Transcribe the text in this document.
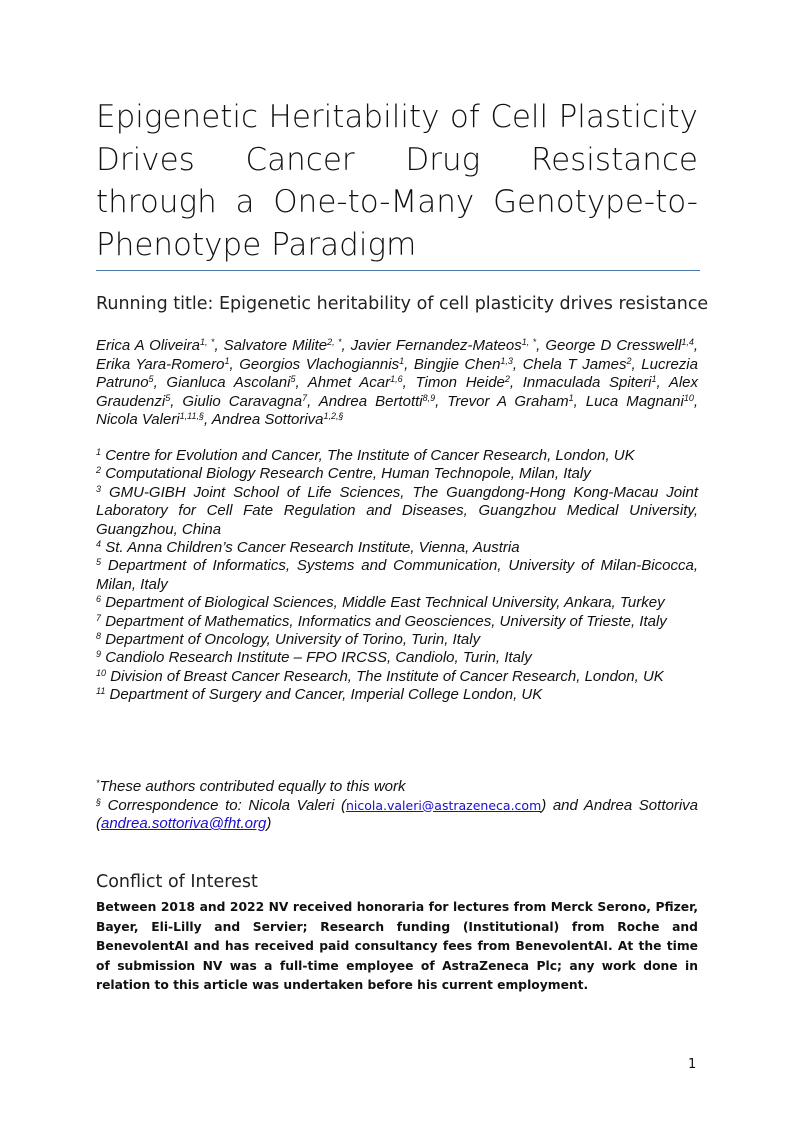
Epigenetic Heritability of Cell Plasticity Drives Cancer Drug Resistance through a One-to-Many Genotype-to-Phenotype Paradigm
Running title: Epigenetic heritability of cell plasticity drives resistance
Erica A Oliveira$^{1, *}$, Salvatore Milite$^{2, *}$, Javier Fernandez-Mateos$^{1, *}$, George D Cresswell$^{1,4}$, Erika Yara-Romero$^1$, Georgios Vlachogiannis$^1$, Bingjie Chen$^{1,3}$, Chela T James$^2$, Lucrezia Patruno$^5$, Gianluca Ascolani$^5$, Ahmet Acar$^{1,6}$, Timon Heide$^2$, Inmaculada Spiteri$^1$, Alex Graudenzi$^5$, Giulio Caravagna$^7$, Andrea Bertotti$^{8,9}$, Trevor A Graham$^1$, Luca Magnani$^{10}$, Nicola Valeri$^{1,11,\S}$, Andrea Sottoriva$^{1,2,\S}$
$^1$ Centre for Evolution and Cancer, The Institute of Cancer Research, London, UK
$^2$ Computational Biology Research Centre, Human Technopole, Milan, Italy
$^3$ GMU-GIBH Joint School of Life Sciences, The Guangdong-Hong Kong-Macau Joint Laboratory for Cell Fate Regulation and Diseases, Guangzhou Medical University, Guangzhou, China
$^4$ St. Anna Children’s Cancer Research Institute, Vienna, Austria
$^5$ Department of Informatics, Systems and Communication, University of Milan-Bicocca, Milan, Italy
$^6$ Department of Biological Sciences, Middle East Technical University, Ankara, Turkey
$^7$ Department of Mathematics, Informatics and Geosciences, University of Trieste, Italy
$^8$ Department of Oncology, University of Torino, Turin, Italy
$^9$ Candiolo Research Institute – FPO IRCSS, Candiolo, Turin, Italy
$^{10}$ Division of Breast Cancer Research, The Institute of Cancer Research, London, UK
$^{11}$ Department of Surgery and Cancer, Imperial College London, UK
*These authors contributed equally to this work
§ Correspondence to: Nicola Valeri (nicola.valeri@astrazeneca.com) and Andrea Sottoriva (andrea.sottoriva@fht.org)
Conflict of Interest
Between 2018 and 2022 NV received honoraria for lectures from Merck Serono, Pfizer, Bayer, Eli-Lilly and Servier; Research funding (Institutional) from Roche and BenevolentAI and has received paid consultancy fees from BenevolentAI. At the time of submission NV was a full-time employee of AstraZeneca Plc; any work done in relation to this article was undertaken before his current employment.
1
